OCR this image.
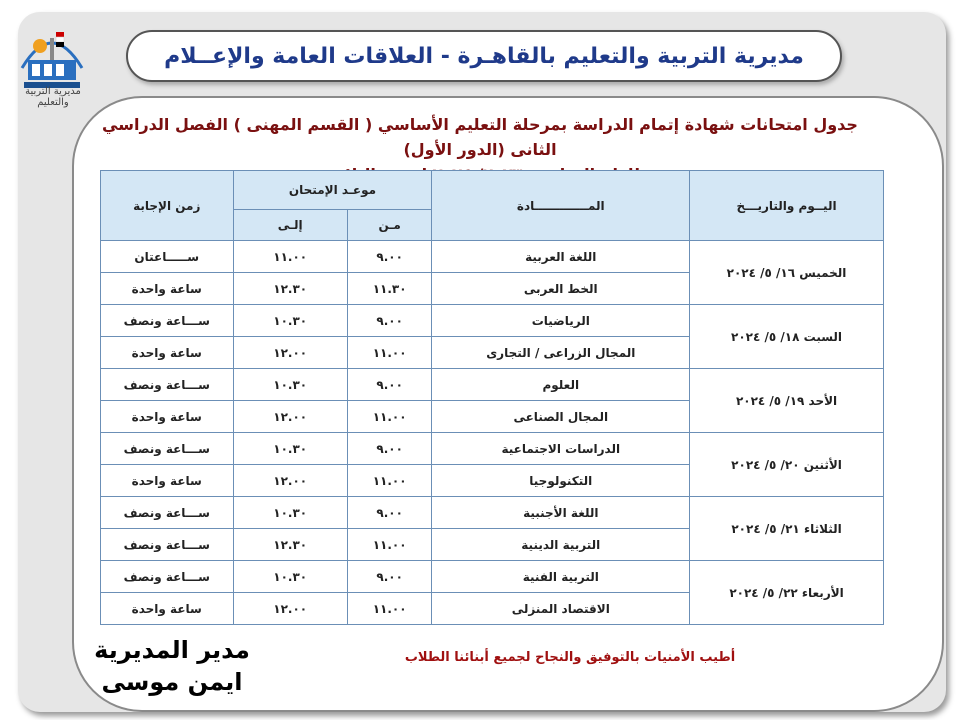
مديرية التربية والتعليم
مديرية التربية والتعليم بالقاهـرة - العلاقات العامة والإعــلام
جدول امتحانات شهادة إتمام الدراسة بمرحلة التعليم الأساسي ( القسم المهنى ) الفصل الدراسي الثانى (الدور الأول)
اليــوم والتاريـــخ	المـــــــــــــادة	موعـد الإمتحان		زمن الإجابة
		مـن	إلـى	
الخميس ١٦/ ٥/ ٢٠٢٤	اللغة العربية	٩.٠٠	١١.٠٠	ســـــاعتان
	الخط العربى	١١.٣٠	١٢.٣٠	ساعة واحدة
السبت ١٨/ ٥/ ٢٠٢٤	الرياضيات	٩.٠٠	١٠.٣٠	ســـاعة ونصف
	المجال الزراعى / التجارى	١١.٠٠	١٢.٠٠	ساعة واحدة
الأحد ١٩/ ٥/ ٢٠٢٤	العلوم	٩.٠٠	١٠.٣٠	ســـاعة ونصف
	المجال الصناعى	١١.٠٠	١٢.٠٠	ساعة واحدة
الأثنين ٢٠/ ٥/ ٢٠٢٤	الدراسات الاجتماعية	٩.٠٠	١٠.٣٠	ســـاعة ونصف
	التكنولوجيا	١١.٠٠	١٢.٠٠	ساعة واحدة
الثلاثاء ٢١/ ٥/ ٢٠٢٤	اللغة الأجنبية	٩.٠٠	١٠.٣٠	ســـاعة ونصف
	التربية الدينية	١١.٠٠	١٢.٣٠	ســـاعة ونصف
الأربعاء ٢٢/ ٥/ ٢٠٢٤	التربية الفنية	٩.٠٠	١٠.٣٠	ســـاعة ونصف
	الاقتصاد المنزلى	١١.٠٠	١٢.٠٠	ساعة واحدة
أطيب الأمنيات بالتوفيق والنجاح لجميع أبنائنا الطلاب
مدير المديرية
ايمن موسى
